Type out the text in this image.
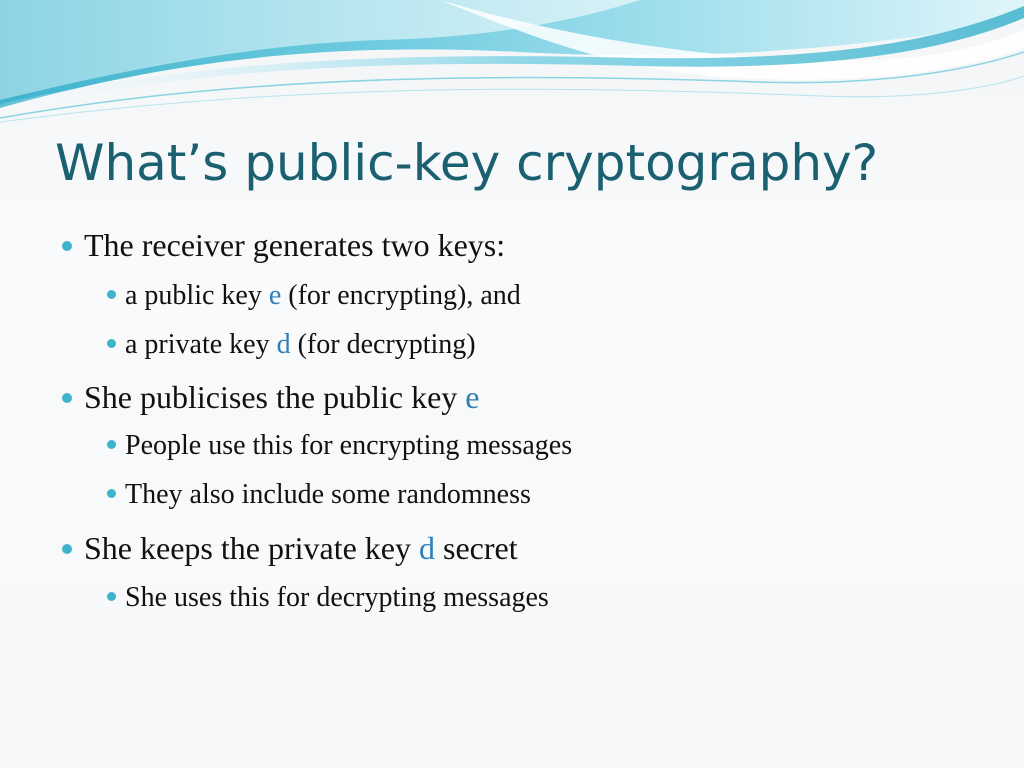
What’s public-key cryptography?
The receiver generates two keys:
a public key e (for encrypting), and
a private key d (for decrypting)
She publicises the public key e
People use this for encrypting messages
They also include some randomness
She keeps the private key d secret
She uses this for decrypting messages
